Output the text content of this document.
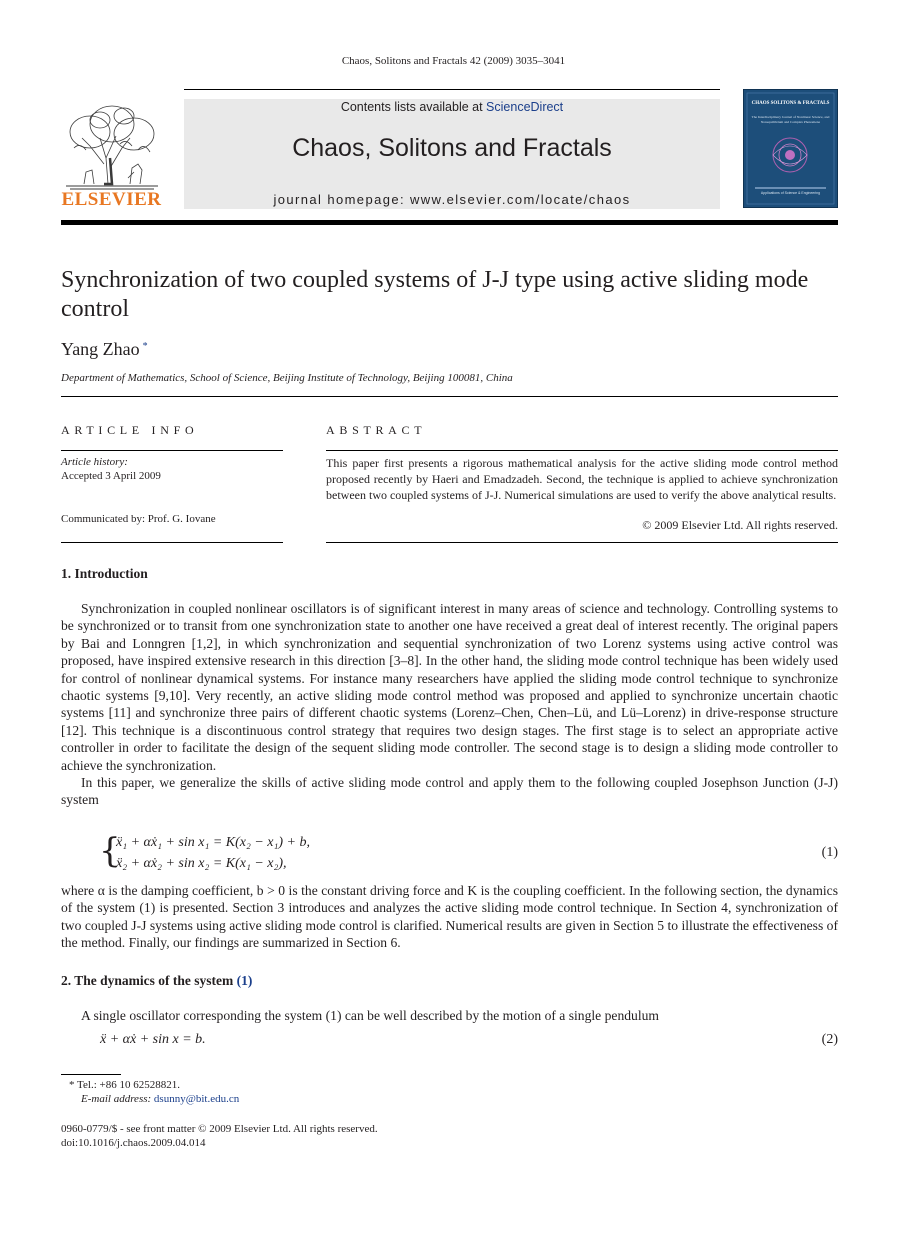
Chaos, Solitons and Fractals 42 (2009) 3035–3041
ELSEVIER
Contents lists available at ScienceDirect
Chaos, Solitons and Fractals
journal homepage: www.elsevier.com/locate/chaos
CHAOS SOLITONS & FRACTALS
The Interdisciplinary Journal of Nonlinear Science, and Nonequilibrium and Complex Phenomena
Applications of Science & Engineering
Synchronization of two coupled systems of J-J type using active sliding mode control
Yang Zhao *
Department of Mathematics, School of Science, Beijing Institute of Technology, Beijing 100081, China
ARTICLE INFO
Article history:
Accepted 3 April 2009
Communicated by: Prof. G. Iovane
ABSTRACT
This paper first presents a rigorous mathematical analysis for the active sliding mode control method proposed recently by Haeri and Emadzadeh. Second, the technique is applied to achieve synchronization between two coupled systems of J-J. Numerical simulations are used to verify the above analytical results.
© 2009 Elsevier Ltd. All rights reserved.
1. Introduction

Synchronization in coupled nonlinear oscillators is of significant interest in many areas of science and technology. Controlling systems to be synchronized or to transit from one synchronization state to another one have received a great deal of interest recently. The original papers by Bai and Lonngren [1,2], in which synchronization and sequential synchronization of two Lorenz systems using active control was proposed, have inspired extensive research in this direction [3–8]. In the other hand, the sliding mode control technique has been widely used for control of nonlinear dynamical systems. For instance many researchers have applied the sliding mode control technique to synchronize chaotic systems [9,10]. Very recently, an active sliding mode control method was proposed and applied to synchronize uncertain chaotic systems [11] and synchronize three pairs of different chaotic systems (Lorenz–Chen, Chen–Lü, and Lü–Lorenz) in drive-response structure [12]. This technique is a discontinuous control strategy that requires two design stages. The first stage is to select an appropriate active controller in order to facilitate the design of the sequent sliding mode controller. The second stage is to design a sliding mode controller to achieve the synchronization.

In this paper, we generalize the skills of active sliding mode control and apply them to the following coupled Josephson Junction (J-J) system

{
ẍ₁ + αẋ₁ + sin x₁ = K(x₂ − x₁) + b,
ẍ₂ + αẋ₂ + sin x₂ = K(x₁ − x₂),
(1)

where α is the damping coefficient, b > 0 is the constant driving force and K is the coupling coefficient. In the following section, the dynamics of the system (1) is presented. Section 3 introduces and analyzes the active sliding mode control technique. In Section 4, synchronization of two coupled J-J systems using active sliding mode control is clarified. Numerical results are given in Section 5 to illustrate the effectiveness of the method. Finally, our findings are summarized in Section 6.

2. The dynamics of the system (1)

A single oscillator corresponding the system (1) can be well described by the motion of a single pendulum

ẍ + αẋ + sin x = b.	(2)
* Tel.: +86 10 62528821.
E-mail address: dsunny@bit.edu.cn
0960-0779/$ - see front matter © 2009 Elsevier Ltd. All rights reserved.
doi:10.1016/j.chaos.2009.04.014
